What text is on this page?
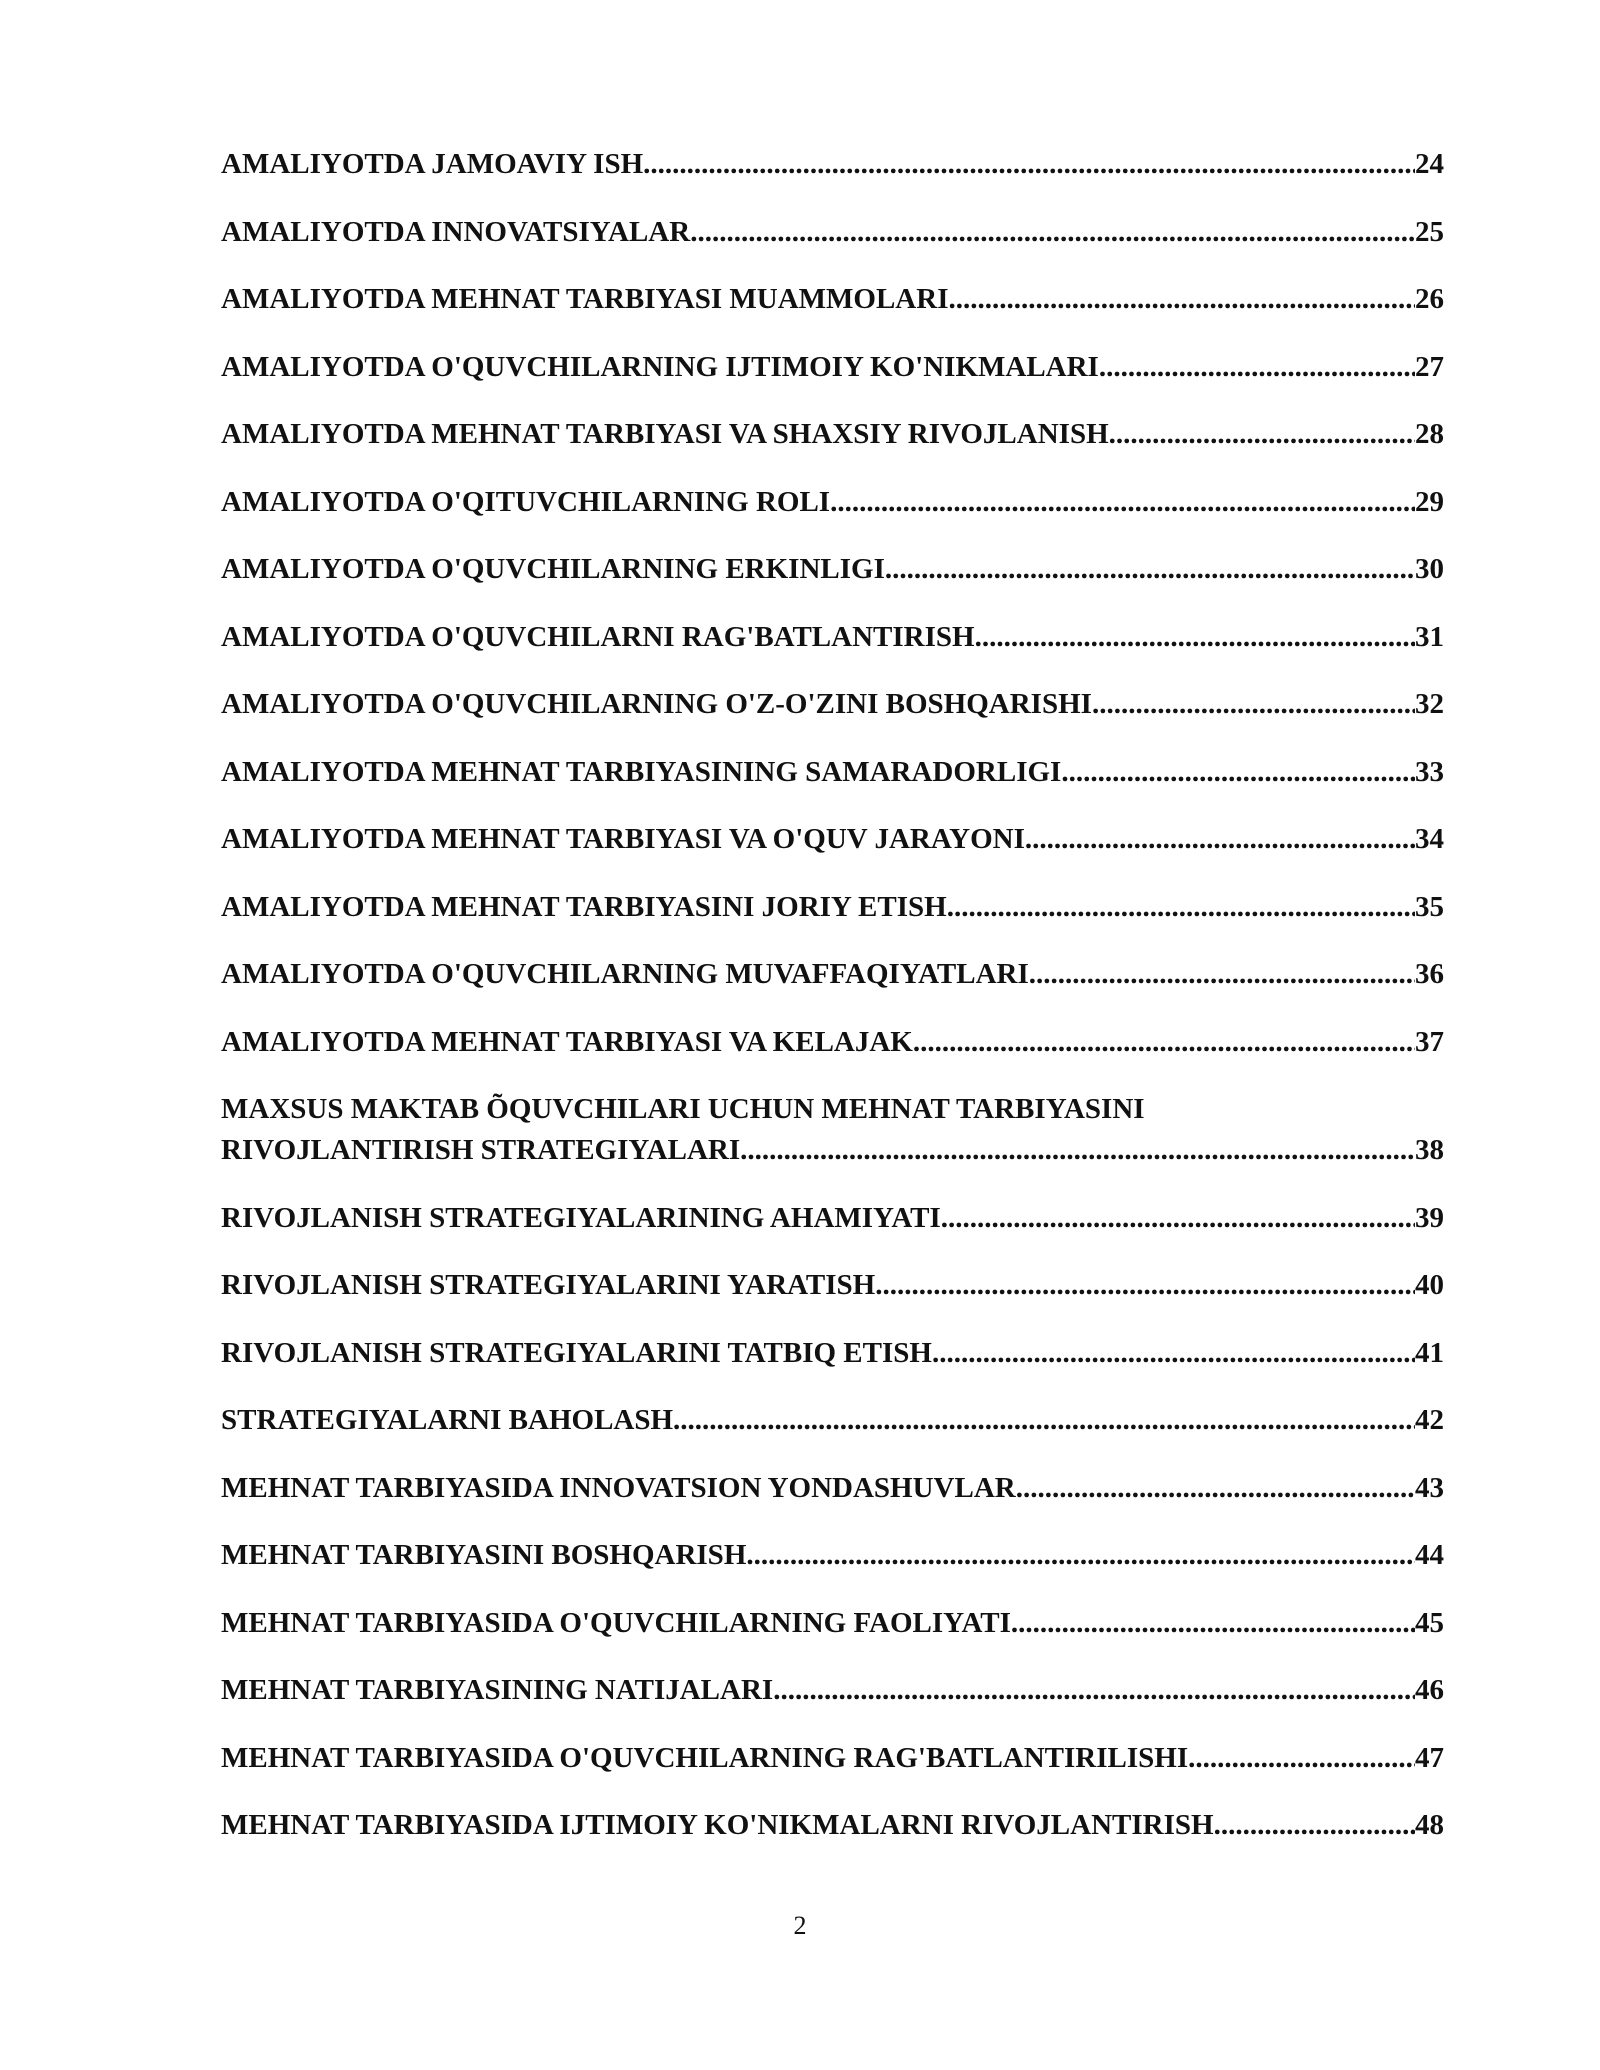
AMALIYOTDA JAMOAVIY ISH .....	24
AMALIYOTDA INNOVATSIYALAR .....	25
AMALIYOTDA MEHNAT TARBIYASI MUAMMOLARI .....	26
AMALIYOTDA O'QUVCHILARNING IJTIMOIY KO'NIKMALARI .....	27
AMALIYOTDA MEHNAT TARBIYASI VA SHAXSIY RIVOJLANISH .....	28
AMALIYOTDA O'QITUVCHILARNING ROLI .....	29
AMALIYOTDA O'QUVCHILARNING ERKINLIGI .....	30
AMALIYOTDA O'QUVCHILARNI RAG'BATLANTIRISH .....	31
AMALIYOTDA O'QUVCHILARNING O'Z-O'ZINI BOSHQARISHI .....	32
AMALIYOTDA MEHNAT TARBIYASINING SAMARADORLIGI .....	33
AMALIYOTDA MEHNAT TARBIYASI VA O'QUV JARAYONI .....	34
AMALIYOTDA MEHNAT TARBIYASINI JORIY ETISH .....	35
AMALIYOTDA O'QUVCHILARNING MUVAFFAQIYATLARI .....	36
AMALIYOTDA MEHNAT TARBIYASI VA KELAJAK .....	37
MAXSUS MAKTAB ÕQUVCHILARI UCHUN MEHNAT TARBIYASINI
RIVOJLANTIRISH STRATEGIYALARI .....	38
RIVOJLANISH STRATEGIYALARINING AHAMIYATI .....	39
RIVOJLANISH STRATEGIYALARINI YARATISH .....	40
RIVOJLANISH STRATEGIYALARINI TATBIQ ETISH .....	41
STRATEGIYALARNI BAHOLASH .....	42
MEHNAT TARBIYASIDA INNOVATSION YONDASHUVLAR .....	43
MEHNAT TARBIYASINI BOSHQARISH .....	44
MEHNAT TARBIYASIDA O'QUVCHILARNING FAOLIYATI .....	45
MEHNAT TARBIYASINING NATIJALARI .....	46
MEHNAT TARBIYASIDA O'QUVCHILARNING RAG'BATLANTIRILISHI .....	47
MEHNAT TARBIYASIDA IJTIMOIY KO'NIKMALARNI RIVOJLANTIRISH .....	48
2
